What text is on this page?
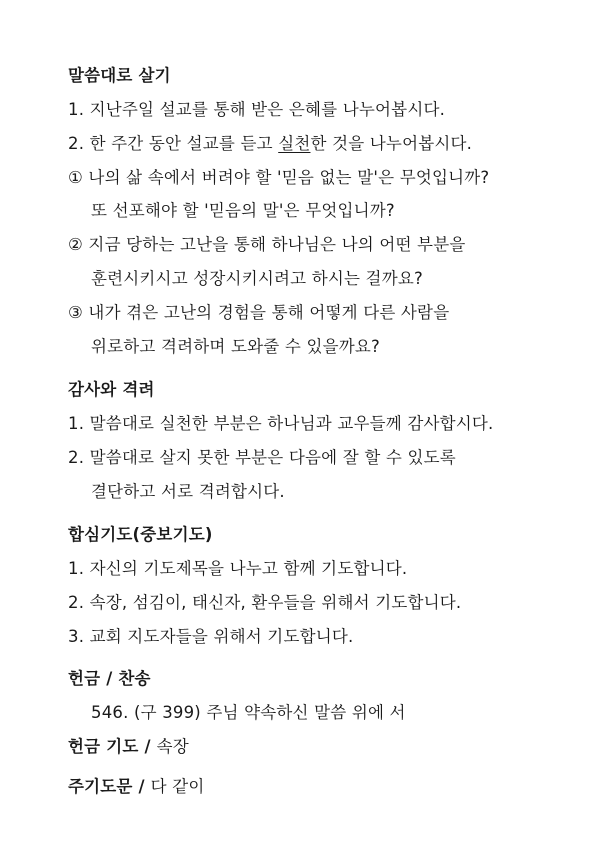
말씀대로 살기
1. 지난주일 설교를 통해 받은 은혜를 나누어봅시다.
2. 한 주간 동안 설교를 듣고 실천한 것을 나누어봅시다.
① 나의 삶 속에서 버려야 할 '믿음 없는 말'은 무엇입니까?
또 선포해야 할 '믿음의 말'은 무엇입니까?
② 지금 당하는 고난을 통해 하나님은 나의 어떤 부분을
훈련시키시고 성장시키시려고 하시는 걸까요?
③ 내가 겪은 고난의 경험을 통해 어떻게 다른 사람을
위로하고 격려하며 도와줄 수 있을까요?
감사와 격려
1. 말씀대로 실천한 부분은 하나님과 교우들께 감사합시다.
2. 말씀대로 살지 못한 부분은 다음에 잘 할 수 있도록
결단하고 서로 격려합시다.
합심기도(중보기도)
1. 자신의 기도제목을 나누고 함께 기도합니다.
2. 속장, 섬김이, 태신자, 환우들을 위해서 기도합니다.
3. 교회 지도자들을 위해서 기도합니다.
헌금 / 찬송
546. (구 399) 주님 약속하신 말씀 위에 서
헌금 기도 / 속장
주기도문 / 다 같이
